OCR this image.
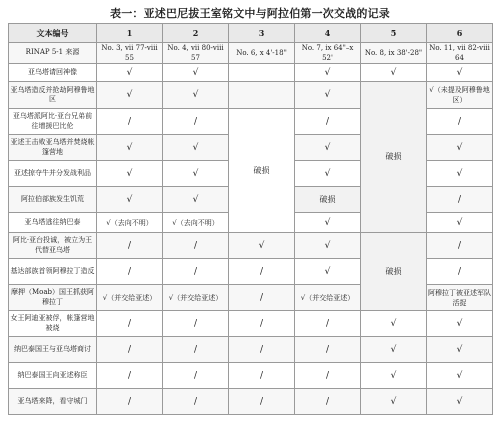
表一：亚述巴尼拔王室铭文中与阿拉伯第一次交战的记录
文本编号	1	2	3	4	5	6	
RINAP 5-1 来源	No. 3, vii 77-viii 55	No. 4, vii 80-viii 57	No. 6, x 4'-18"	No. 7, ix 64"–x 52'	No. 8, ix 38'-28"	No. 11, vii 82-viii 64	
亚乌塔请回神像	√	√		√	√	√	
亚乌塔造反并抢劫阿穆鲁地区	√	√		√	破损	√（未提及阿穆鲁地区）	
亚乌塔派阿比·亚台兄弟前往增援巴比伦	/	/	破损	/		/	
亚述王击败亚乌塔并焚烧帐篷营地	√	√		√		√	
亚述掠夺牛并分发战利品	√	√		√		√	
阿拉伯部族发生饥荒	√	√		破损		/	
亚乌塔逃往纳巴泰	√（去向不明）	√（去向不明）		√		√	
阿比·亚台投诚，被立为王代替亚乌塔	/	/	√	√	破损	/	
基达部族首领阿穆拉丁造反	/	/	/	√		/	
摩押（Moab）国王抓获阿穆拉丁	√（并交给亚述）	√（并交给亚述）	/	√（并交给亚述）		阿穆拉丁被亚述军队活捉	
女王阿迪亚被俘，帐篷营地被烧	/	/	/	/	√	√	
纳巴泰国王与亚乌塔商讨	/	/	/	/	√	√	
纳巴泰国王向亚述称臣	/	/	/	/	√	√	
亚乌塔来降，看守城门	/	/	/	/	√	√	
